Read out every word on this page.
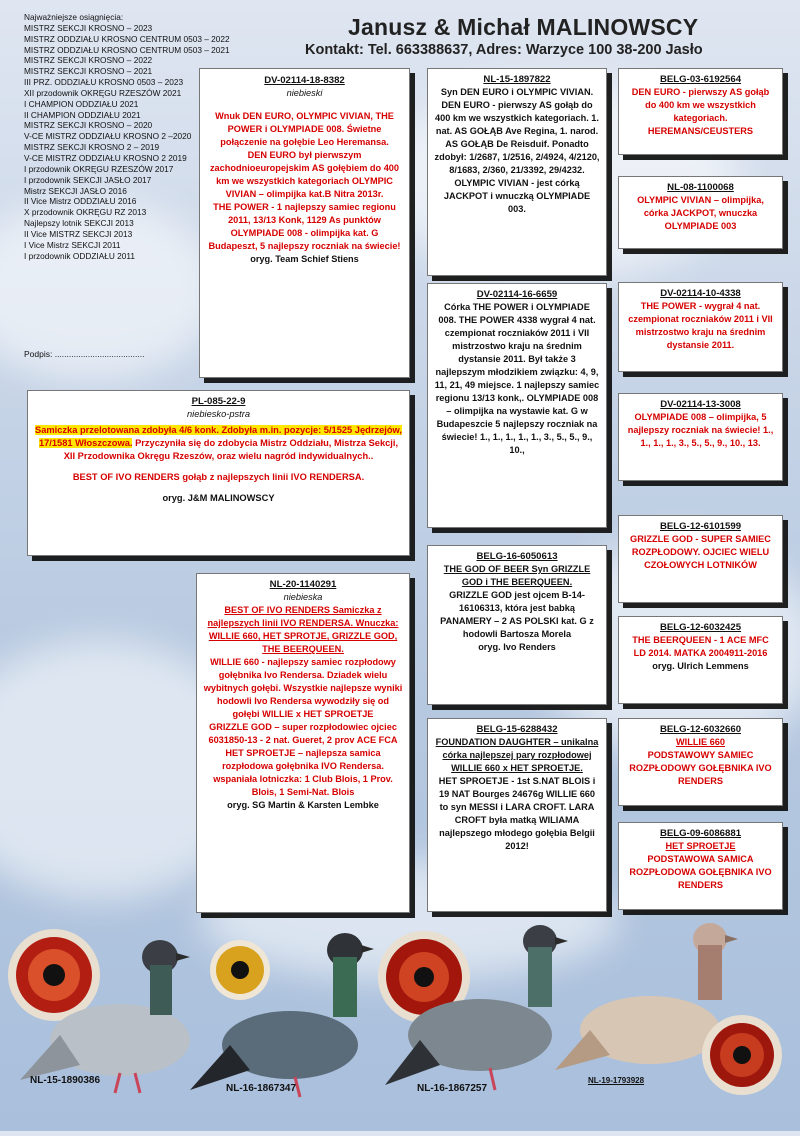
Najważniejsze osiągnięcia:
MISTRZ SEKCJI KROSNO – 2023
MISTRZ ODDZIAŁU KROSNO CENTRUM 0503 – 2022
MISTRZ ODDZIAŁU KROSNO CENTRUM 0503 – 2021
MISTRZ SEKCJI KROSNO – 2022
MISTRZ SEKCJI KROSNO – 2021
III PRZ. ODDZIAŁU KROSNO 0503 – 2023
XII przodownik OKRĘGU RZESZÓW 2021
I CHAMPION ODDZIAŁU 2021
II CHAMPION ODDZIAŁU 2021
MISTRZ SEKCJI KROSNO – 2020
V-CE MISTRZ ODDZIAŁU KROSNO 2 –2020
MISTRZ SEKCJI KROSNO 2 – 2019
V-CE MISTRZ ODDZIAŁU KROSNO 2 2019
I przodownik OKRĘGU RZESZÓW 2017
I przodownik SEKCJI JASŁO 2017
Mistrz SEKCJI JASŁO 2016
II Vice Mistrz ODDZIAŁU 2016
X przodownik OKRĘGU RZ 2013
Najlepszy lotnik SEKCJI 2013
II Vice MISTRZ SEKCJI 2013
I Vice Mistrz SEKCJI 2011
I przodownik ODDZIAŁU 2011
Podpis: ......................................
Janusz & Michał MALINOWSCY
Kontakt: Tel. 663388637, Adres: Warzyce 100 38-200 Jasło
DV-02114-18-8382
niebieski
Wnuk DEN EURO, OLYMPIC VIVIAN, THE POWER i OLYMPIADE 008. Świetne połączenie na gołębie Leo Heremansa.
DEN EURO był pierwszym zachodnioeuropejskim AS gołębiem do 400 km we wszystkich kategoriach OLYMPIC VIVIAN – olimpijka kat.B Nitra 2013r.
THE POWER - 1 najlepszy samiec regionu 2011, 13/13 Konk, 1129 As punktów
OLYMPIADE 008 - olimpijka kat. G Budapeszt, 5 najlepszy roczniak na świecie!
oryg. Team Schief Stiens
NL-15-1897822
Syn DEN EURO i OLYMPIC VIVIAN. DEN EURO - pierwszy AS gołąb do 400 km we wszystkich kategoriach. 1. nat. AS GOŁĄB Ave Regina, 1. narod. AS GOŁĄB De Reisduif. Ponadto zdobył: 1/2687, 1/2516, 2/4924, 4/2120, 8/1683, 2/360, 21/3392, 29/4232. OLYMPIC VIVIAN - jest córką JACKPOT i wnuczką OLYMPIADE 003.
DV-02114-16-6659
Córka THE POWER i OLYMPIADE 008. THE POWER 4338 wygrał 4 nat. czempionat roczniaków 2011 i VII mistrzostwo kraju na średnim dystansie 2011. Był także 3 najlepszym młodzikiem związku: 4, 9, 11, 21, 49 miejsce. 1 najlepszy samiec regionu 13/13 konk,. OLYMPIADE 008 – olimpijka na wystawie kat. G w Budapeszcie 5 najlepszy roczniak na świecie! 1., 1., 1., 1., 1., 3., 5., 5., 9., 10.,
BELG-03-6192564
DEN EURO - pierwszy AS gołąb do 400 km we wszystkich kategoriach. HEREMANS/CEUSTERS
NL-08-1100068
OLYMPIC VIVIAN – olimpijka, córka JACKPOT, wnuczka OLYMPIADE 003
DV-02114-10-4338
THE POWER - wygrał 4 nat. czempionat roczniaków 2011 i VII mistrzostwo kraju na średnim dystansie 2011.
DV-02114-13-3008
OLYMPIADE 008 – olimpijka, 5 najlepszy roczniak na świecie! 1., 1., 1., 1., 3., 5., 5., 9., 10., 13.
PL-085-22-9
niebiesko-pstra
Samiczka przelotowana zdobyła 4/6 konk. Zdobyła m.in. pozycje: 5/1525 Jędrzejów, 17/1581 Włoszczowa. Przyczyniła się do zdobycia Mistrz Oddziału, Mistrza Sekcji, XII Przodownika Okręgu Rzeszów, oraz wielu nagród indywidualnych..
BEST OF IVO RENDERS gołąb z najlepszych linii IVO RENDERSA.
oryg. J&M MALINOWSCY
NL-20-1140291
niebieska
BEST OF IVO RENDERS Samiczka z najlepszych linii IVO RENDERSA. Wnuczka: WILLIE 660, HET SPROTJE, GRIZZLE GOD, THE BEERQUEEN.
WILLIE 660 - najlepszy samiec rozpłodowy gołębnika Ivo Rendersa. Dziadek wielu wybitnych gołębi. Wszystkie najlepsze wyniki hodowli Ivo Rendersa wywodziły się od gołębi WILLIE x HET SPROETJE
GRIZZLE GOD – super rozpłodowiec ojciec 6031850-13 - 2 nat. Gueret, 2 prov ACE FCA
HET SPROETJE – najlepsza samica rozpłodowa gołębnika IVO Rendersa. wspaniała lotniczka: 1 Club Blois, 1 Prov. Blois, 1 Semi-Nat. Blois
oryg. SG Martin & Karsten Lembke
BELG-16-6050613
THE GOD OF BEER Syn GRIZZLE GOD i THE BEERQUEEN.
GRIZZLE GOD jest ojcem B-14-16106313, która jest babką PANAMERY – 2 AS POLSKI kat. G z hodowli Bartosza Morela
oryg. Ivo Renders
BELG-15-6288432
FOUNDATION DAUGHTER – unikalna córka najlepszej pary rozpłodowej WILLIE 660 x HET SPROETJE.
HET SPROETJE - 1st S.NAT BLOIS i 19 NAT Bourges 24676g WILLIE 660 to syn MESSI i LARA CROFT. LARA CROFT była matką WILIAMA najlepszego młodego gołębia Belgii 2012!
BELG-12-6101599
GRIZZLE GOD - SUPER SAMIEC ROZPŁODOWY. OJCIEC WIELU CZOŁOWYCH LOTNIKÓW
BELG-12-6032425
THE BEERQUEEN - 1 ACE MFC LD 2014. MATKA 2004911-2016
oryg. Ulrich Lemmens
BELG-12-6032660
WILLIE 660
PODSTAWOWY SAMIEC ROZPŁODOWY GOŁĘBNIKA IVO RENDERS
BELG-09-6086881
HET SPROETJE
PODSTAWOWA SAMICA ROZPŁODOWA GOŁĘBNIKA IVO RENDERS
NL-15-1890386
NL-16-1867347	NL-16-1867257
NL-19-1793928
